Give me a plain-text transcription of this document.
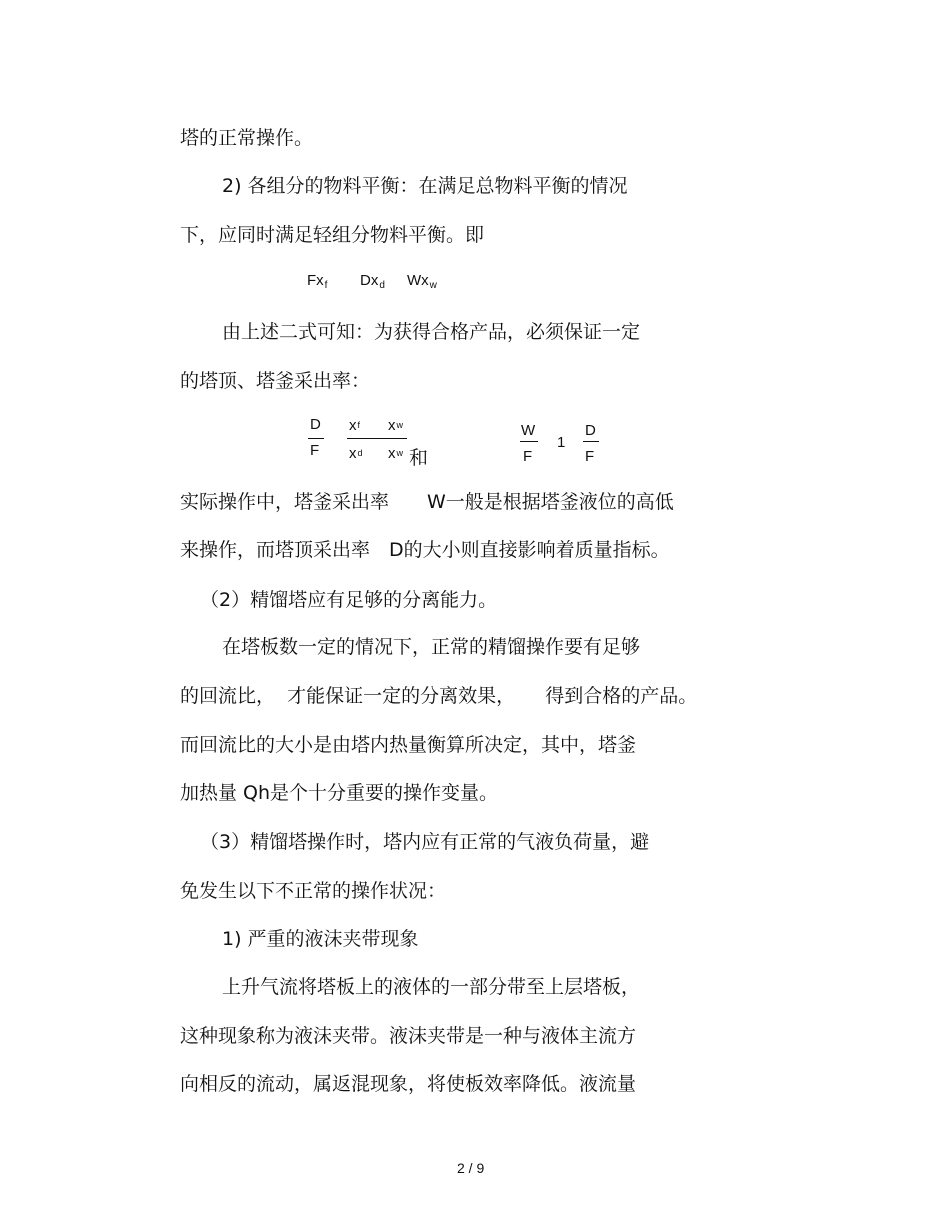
塔的正常操作。
2) 各组分的物料平衡：在满足总物料平衡的情况
下，应同时满足轻组分物料平衡。即
$Fx_f$ $Dx_d$ $Wx_w$
由上述二式可知：为获得合格产品，必须保证一定
的塔顶、塔釜采出率：
D
F
xf xw
xd xw 和
W
F
1
D
F
实际操作中，塔釜采出率　　W一般是根据塔釜液位的高低
来操作，而塔顶采出率　D的大小则直接影响着质量指标。
（2）精馏塔应有足够的分离能力。
在塔板数一定的情况下，正常的精馏操作要有足够
的回流比，  才能保证一定的分离效果，     得到合格的产品。
而回流比的大小是由塔内热量衡算所决定，其中，塔釜
加热量 Qh是个十分重要的操作变量。
（3）精馏塔操作时，塔内应有正常的气液负荷量，避
免发生以下不正常的操作状况：
1) 严重的液沫夹带现象
上升气流将塔板上的液体的一部分带至上层塔板，
这种现象称为液沫夹带。液沫夹带是一种与液体主流方
向相反的流动，属返混现象，将使板效率降低。液流量
2 / 9
